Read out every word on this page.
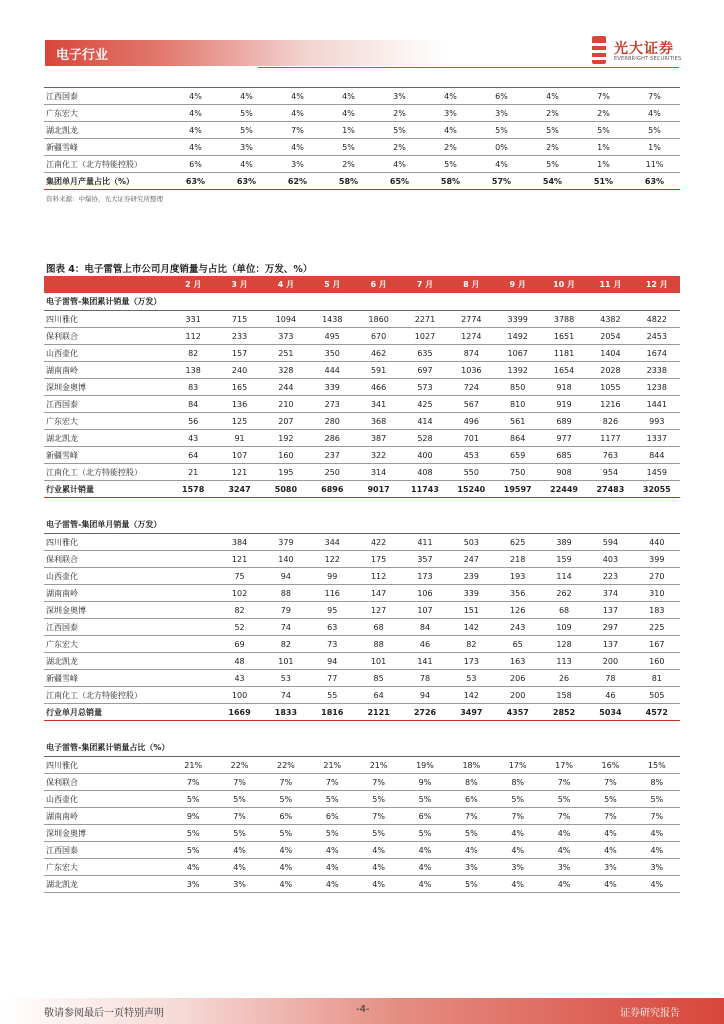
电子行业	光大证券
EVERBRIGHT SECURITIES
江西国泰	4%	4%	4%	4%	3%	4%	6%	4%	7%	7%
广东宏大	4%	5%	4%	4%	2%	3%	3%	2%	2%	4%
湖北凯龙	4%	5%	7%	1%	5%	4%	5%	5%	5%	5%
新疆雪峰	4%	3%	4%	5%	2%	2%	0%	2%	1%	1%
江南化工（北方特能控股）	6%	4%	3%	2%	4%	5%	4%	5%	1%	11%
集团单月产量占比（%）	63%	63%	62%	58%	65%	58%	57%	54%	51%	63%
资料来源：中爆协，光大证券研究所整理
图表 4：电子雷管上市公司月度销量与占比（单位：万发、%）
	2 月	3 月	4 月	5 月	6 月	7 月	8 月	9 月	10 月	11 月	12 月
电子雷管-集团累计销量（万发）											
四川雅化	331	715	1094	1438	1860	2271	2774	3399	3788	4382	4822
保利联合	112	233	373	495	670	1027	1274	1492	1651	2054	2453
山西壶化	82	157	251	350	462	635	874	1067	1181	1404	1674
湖南南岭	138	240	328	444	591	697	1036	1392	1654	2028	2338
深圳金奥博	83	165	244	339	466	573	724	850	918	1055	1238
江西国泰	84	136	210	273	341	425	567	810	919	1216	1441
广东宏大	56	125	207	280	368	414	496	561	689	826	993
湖北凯龙	43	91	192	286	387	528	701	864	977	1177	1337
新疆雪峰	64	107	160	237	322	400	453	659	685	763	844
江南化工（北方特能控股）	21	121	195	250	314	408	550	750	908	954	1459
行业累计销量	1578	3247	5080	6896	9017	11743	15240	19597	22449	27483	32055

电子雷管-集团单月销量（万发）											
四川雅化		384	379	344	422	411	503	625	389	594	440
保利联合		121	140	122	175	357	247	218	159	403	399
山西壶化		75	94	99	112	173	239	193	114	223	270
湖南南岭		102	88	116	147	106	339	356	262	374	310
深圳金奥博		82	79	95	127	107	151	126	68	137	183
江西国泰		52	74	63	68	84	142	243	109	297	225
广东宏大		69	82	73	88	46	82	65	128	137	167
湖北凯龙		48	101	94	101	141	173	163	113	200	160
新疆雪峰		43	53	77	85	78	53	206	26	78	81
江南化工（北方特能控股）		100	74	55	64	94	142	200	158	46	505
行业单月总销量		1669	1833	1816	2121	2726	3497	4357	2852	5034	4572

电子雷管-集团累计销量占比（%）											
四川雅化	21%	22%	22%	21%	21%	19%	18%	17%	17%	16%	15%
保利联合	7%	7%	7%	7%	7%	9%	8%	8%	7%	7%	8%
山西壶化	5%	5%	5%	5%	5%	5%	6%	5%	5%	5%	5%
湖南南岭	9%	7%	6%	6%	7%	6%	7%	7%	7%	7%	7%
深圳金奥博	5%	5%	5%	5%	5%	5%	5%	4%	4%	4%	4%
江西国泰	5%	4%	4%	4%	4%	4%	4%	4%	4%	4%	4%
广东宏大	4%	4%	4%	4%	4%	4%	3%	3%	3%	3%	3%
湖北凯龙	3%	3%	4%	4%	4%	4%	5%	4%	4%	4%	4%
敬请参阅最后一页特别声明	-4-	证券研究报告
